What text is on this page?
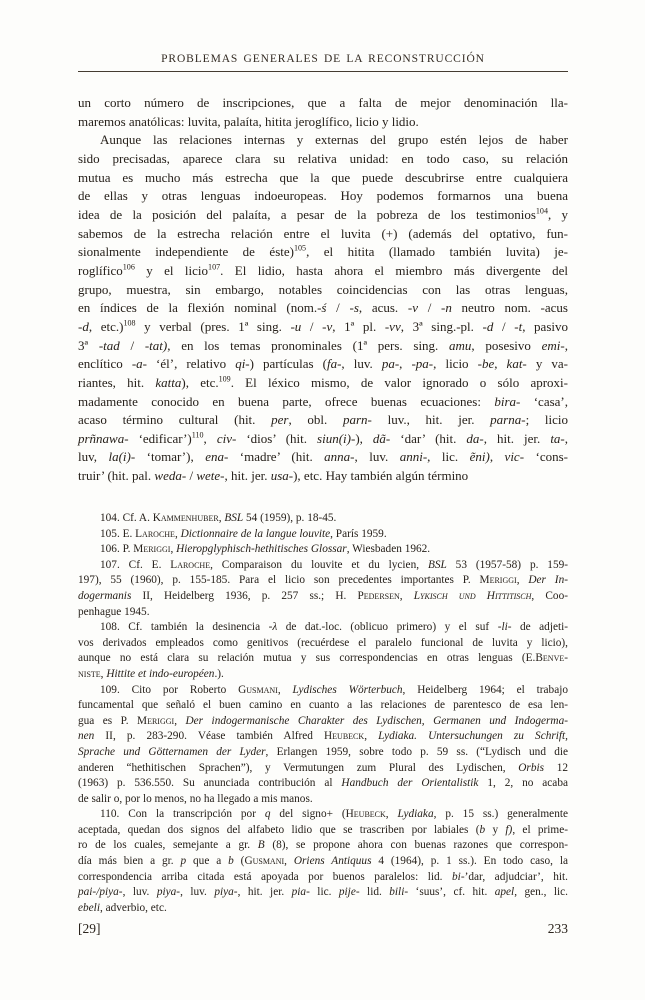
PROBLEMAS GENERALES DE LA RECONSTRUCCIÓN
un corto número de inscripciones, que a falta de mejor denominación lla-
maremos anatólicas: luvita, palaíta, hitita jeroglífico, licio y lidio.
Aunque las relaciones internas y externas del grupo estén lejos de haber
sido precisadas, aparece clara su relativa unidad: en todo caso, su relación
mutua es mucho más estrecha que la que puede descubrirse entre cualquiera
de ellas y otras lenguas indoeuropeas. Hoy podemos formarnos una buena
idea de la posición del palaíta, a pesar de la pobreza de los testimonios$^{104}$, y
sabemos de la estrecha relación entre el luvita (+) (además del optativo, fun-
sionalmente independiente de éste)$^{105}$, el hitita (llamado también luvita) je-
roglífico$^{106}$ y el licio$^{107}$. El lidio, hasta ahora el miembro más divergente del
grupo, muestra, sin embargo, notables coincidencias con las otras lenguas,
en índices de la flexión nominal (nom.-ś / -s, acus. -v / -n neutro nom. -acus
-d, etc.)$^{108}$ y verbal (pres. 1ª sing. -u / -v, 1ª pl. -vv, 3ª sing.-pl. -d / -t, pasivo
3ª -tad / -tat), en los temas pronominales (1ª pers. sing. amu, posesivo emi-,
enclítico -a- ‘él’, relativo qi-) partículas (fa-, luv. pa-, -pa-, licio -be, kat- y va-
riantes, hit. katta), etc.$^{109}$. El léxico mismo, de valor ignorado o sólo aproxi-
madamente conocido en buena parte, ofrece buenas ecuaciones: bira- ‘casa’,
acaso término cultural (hit. per, obl. parn- luv., hit. jer. parna-; licio
prñnawa- ‘edificar’)$^{110}$, civ- ‘dios’ (hit. siun(i)-), dã- ‘dar’ (hit. da-, hit. jer. ta-,
luv, la(i)- ‘tomar’), ena- ‘madre’ (hit. anna-, luv. anni-, lic. ẽni), vic- ‘cons-
truir’ (hit. pal. weda- / wete-, hit. jer. usa-), etc. Hay también algún término
104. Cf. A. Kammenhuber, BSL 54 (1959), p. 18-45.
105. E. Laroche, Dictionnaire de la langue louvite, París 1959.
106. P. Meriggi, Hieropglyphisch-hethitisches Glossar, Wiesbaden 1962.
107. Cf. E. Laroche, Comparaison du louvite et du lycien, BSL 53 (1957-58) p. 159-
197), 55 (1960), p. 155-185. Para el licio son precedentes importantes P. Meriggi, Der In-
dogermanis II, Heidelberg 1936, p. 257 ss.; H. Pedersen, Lykisch und Hittitisch, Coo-
penhague 1945.
108. Cf. también la desinencia -λ de dat.-loc. (oblicuo primero) y el suf -li- de adjeti-
vos derivados empleados como genitivos (recuérdese el paralelo funcional de luvita y licio),
aunque no está clara su relación mutua y sus correspondencias en otras lenguas (E.Benve-
niste, Hittite et indo-européen.).
109. Cito por Roberto Gusmani, Lydisches Wörterbuch, Heidelberg 1964; el trabajo
funcamental que señaló el buen camino en cuanto a las relaciones de parentesco de esa len-
gua es P. Meriggi, Der indogermanische Charakter des Lydischen, Germanen und Indogerma-
nen II, p. 283-290. Véase también Alfred Heubeck, Lydiaka. Untersuchungen zu Schrift,
Sprache und Götternamen der Lyder, Erlangen 1959, sobre todo p. 59 ss. (“Lydisch und die
anderen “hethitischen Sprachen”), y Vermutungen zum Plural des Lydischen, Orbis 12
(1963) p. 536.550. Su anunciada contribución al Handbuch der Orientalistik 1, 2, no acaba
de salir o, por lo menos, no ha llegado a mis manos.
110. Con la transcripción por q del signo+ (Heubeck, Lydiaka, p. 15 ss.) generalmente
aceptada, quedan dos signos del alfabeto lidio que se trascriben por labiales (b y f), el prime-
ro de los cuales, semejante a gr. B (8), se propone ahora con buenas razones que correspon-
día más bien a gr. p que a b (Gusmani, Oriens Antiquus 4 (1964), p. 1 ss.). En todo caso, la
correspondencia arriba citada está apoyada por buenos paralelos: lid. bi-’dar, adjudciar’, hit.
pai-/piya-, luv. piya-, luv. piya-, hit. jer. pia- lic. pije- lid. bili- ‘suus’, cf. hit. apel, gen., lic.
ebeli, adverbio, etc.
[29]	233
